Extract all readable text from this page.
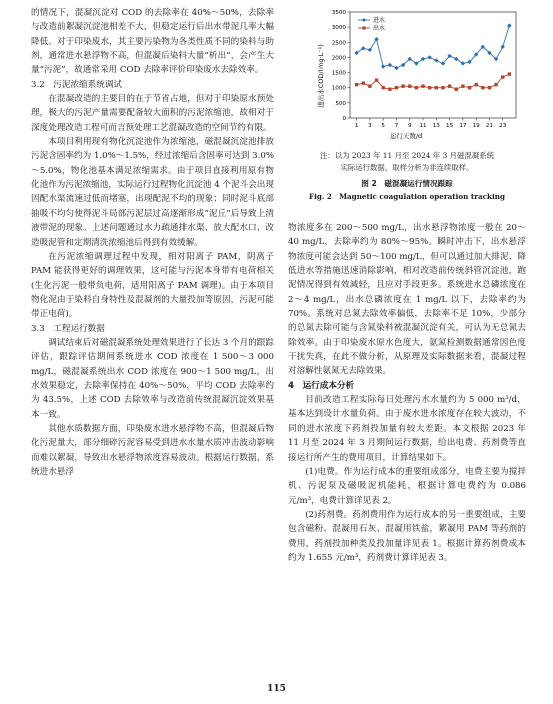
的情况下，混凝沉淀对 COD 的去除率在 40%～50%，去除率与改造前絮凝沉淀池相差不大，但稳定运行后出水带泥几率大幅降低。对于印染废水，其主要污染物为各类性质不同的染料与助剂，通常进水悬浮物不高，但混凝后染料大量“析出”，会产生大量“污泥”，故通常采用 COD 去除率评价印染废水去除效率。

3.2　污泥浓缩系统调试

在混凝改造的主要目的在于节省占地，但对于印染原水预处理，极大的污泥产量需要配备较大面积的污泥浓缩池，故相对于深度处理改造工程可而言预处理工艺混凝改造的空间节约有限。

本项目利用现有物化沉淀池作为浓缩池，磁混凝沉淀池排放污泥含固率约为 1.0%～1.5%，经过浓缩后含固率可达到 3.0%～5.0%，物化池基本满足浓缩需求。由于项目直接利用原有物化池作为污泥浓缩池，实际运行过程物化沉淀池 4 个泥斗会出现因配水渠流速过低而堵塞，出现配泥不均的现象；同时泥斗底部抽吸不均匀使得泥斗局部污泥层过高逐渐形成“泥丘”后导致上清液带泥的现象。上述问题通过水力疏通排水渠、放大配水口、改造吸泥管和定期清洗浓缩池后得到有效缓解。

在污泥浓缩调理过程中发现，相对阳离子 PAM，阴离子 PAM 能获得更好的调理效果，这可能与污泥本身带有电荷相关(生化污泥一般带负电荷，适用阳离子 PAM 调理)。由于本项目物化泥由于染料自身特性及混凝剂的大量投加等原因，污泥可能带正电荷)。

3.3　工程运行数据

调试结束后对磁混凝系统处理效果进行了长达 3 个月的跟踪评估，跟踪评估期间系统进水 COD 浓度在 1 500～3 000 mg/L，磁混凝系统出水 COD 浓度在 900～1 500 mg/L，出水效果稳定，去除率保持在 40%～50%，平均 COD 去除率约为 43.5%，上述 COD 去除效率与改造前传统混凝沉淀效果基本一致。

其他水质数据方面，印染废水进水悬浮物不高，但混凝后物化污泥量大，部分细碎污泥容易受到进水水量水质冲击波动影响而难以絮凝，导致出水悬浮物浓度容易波动。根据运行数据，系统进水悬浮

0
500
1000
1500
2000
2500
3000
3500
1 3 5 7 9 11 13 15 17 19 21 23
进水
出水
进出水COD/(mg·L⁻¹)
运行天数/d
注：以为 2023 年 11 月至 2024 年 3 月磁混凝系统
实际运行数据，取样分析为非连续取样。
图 2　磁混凝运行情况跟踪
Fig. 2　Magnetic coagulation operation tracking

物浓度多在 200～500 mg/L，出水悬浮物浓度一般在 20～40 mg/L，去除率约为 80%～95%。瞬时冲击下，出水悬浮物浓度可能会达到 50～100 mg/L，但可以通过加大排泥、降低进水等措施迅速消除影响，相对改造前传统斜管沉淀池，跑泥情况得到有效减轻，且应对手段更多。系统进水总磷浓度在 2～4 mg/L，出水总磷浓度在 1 mg/L 以下，去除率约为 70%。系统对总氮去除效率偏低，去除率不足 10%，少部分的总氮去除可能与含氮染料被混凝沉淀有关，可认为无总氮去除效率。由于印染废水原水色度大，氨氮检测数据通常因色度干扰失真，在此不做分析，从原理及实际数据来看，混凝过程对溶解性氨氮无去除效果。

4　运行成本分析

目前改造工程实际每日处理污水水量约为 5 000 m³/d，基本达到设计水量负荷。由于废水进水浓度存在较大波动，不同的进水浓度下药剂投加量有较大差距。本文根据 2023 年 11 月至 2024 年 3 月期间运行数据，给出电费、药剂费等直接运行所产生的费用项目，计算结果如下。

(1)电费。作为运行成本的重要组成部分，电费主要为搅拌机、污泥泵及磁吸泥机能耗，根据计算电费约为 0.086 元/m³，电费计算详见表 2。

(2)药剂费。药剂费用作为运行成本的另一重要组成，主要包含磁粉、混凝用石灰、混凝用铁盐，絮凝用 PAM 等药剂的费用，药剂投加种类及投加量详见表 1。根据计算药剂费成本约为 1.655 元/m³，药剂费计算详见表 3。

115
